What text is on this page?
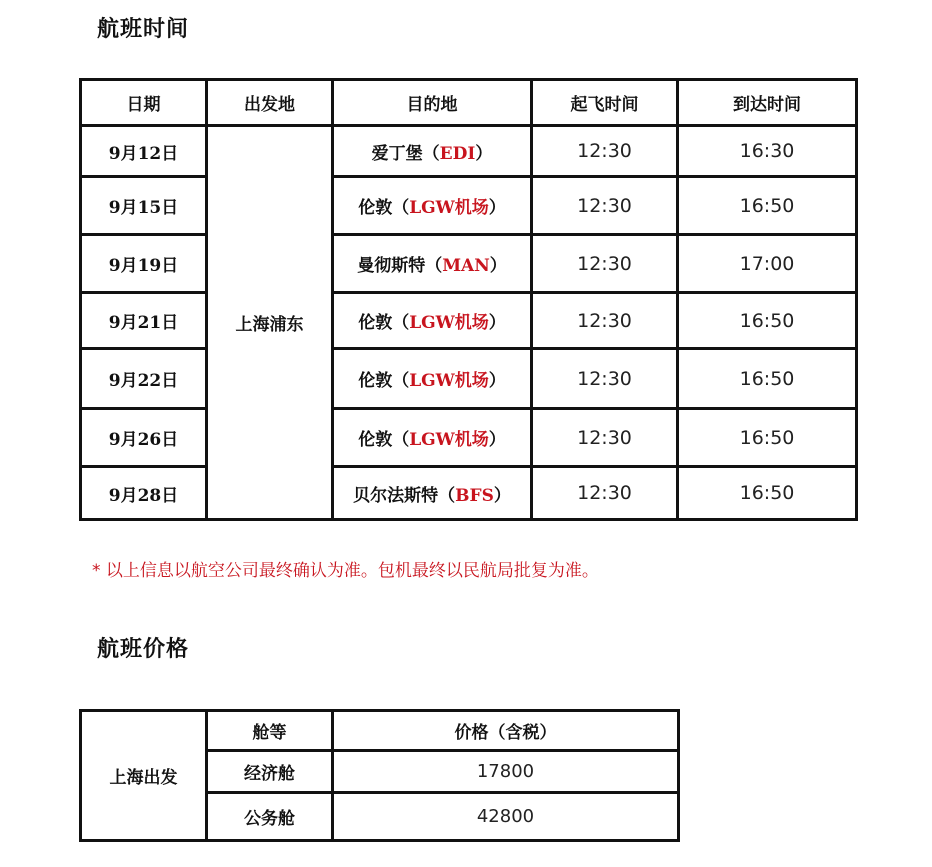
航班时间
日期	出发地	目的地	起飞时间	到达时间
9月12日	上海浦东	爱丁堡（EDI）	12:30	16:30
9月15日		伦敦（LGW机场）	12:30	16:50
9月19日		曼彻斯特（MAN）	12:30	17:00
9月21日		伦敦（LGW机场）	12:30	16:50
9月22日		伦敦（LGW机场）	12:30	16:50
9月26日		伦敦（LGW机场）	12:30	16:50
9月28日		贝尔法斯特（BFS）	12:30	16:50

* 以上信息以航空公司最终确认为准。包机最终以民航局批复为准。

航班价格
上海出发	舱等	价格（含税）
	经济舱	17800
	公务舱	42800
